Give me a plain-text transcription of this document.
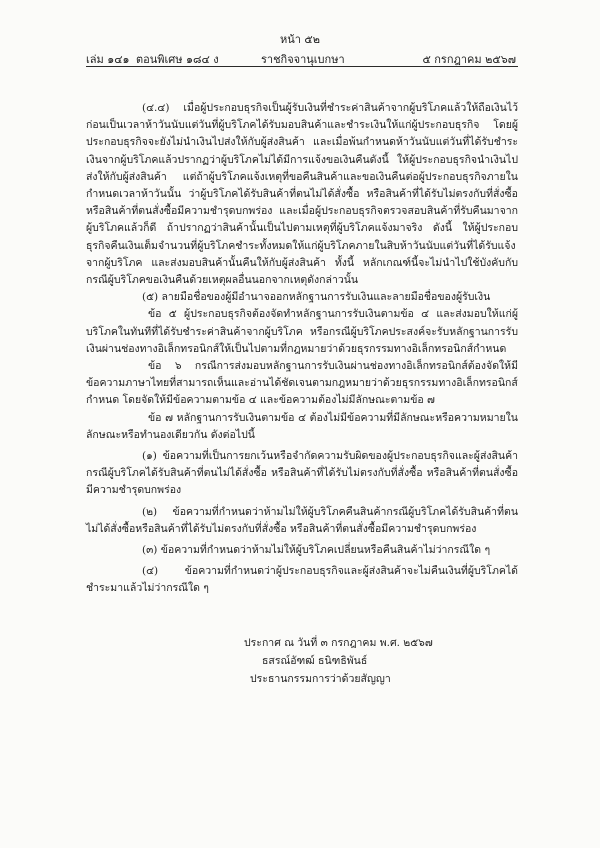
หน้า ๕๒
เล่ม ๑๔๑ ตอนพิเศษ ๑๘๔ ง	ราชกิจจานุเบกษา	๕ กรกฎาคม ๒๕๖๗

(๔.๔) เมื่อผู้ประกอบธุรกิจเป็นผู้รับเงินที่ชำระค่าสินค้าจากผู้บริโภคแล้วให้ถือเงินไว้ก่อนเป็นเวลาห้าวันนับแต่วันที่ผู้บริโภคได้รับมอบสินค้าและชำระเงินให้แก่ผู้ประกอบธุรกิจ โดยผู้ประกอบธุรกิจจะยังไม่นำเงินไปส่งให้กับผู้ส่งสินค้า และเมื่อพ้นกำหนดห้าวันนับแต่วันที่ได้รับชำระเงินจากผู้บริโภคแล้วปรากฏว่าผู้บริโภคไม่ได้มีการแจ้งขอเงินคืนดังนี้ ให้ผู้ประกอบธุรกิจนำเงินไปส่งให้กับผู้ส่งสินค้า แต่ถ้าผู้บริโภคแจ้งเหตุที่ขอคืนสินค้าและขอเงินคืนต่อผู้ประกอบธุรกิจภายในกำหนดเวลาห้าวันนั้น ว่าผู้บริโภคได้รับสินค้าที่ตนไม่ได้สั่งซื้อ หรือสินค้าที่ได้รับไม่ตรงกับที่สั่งซื้อ หรือสินค้าที่ตนสั่งซื้อมีความชำรุดบกพร่อง และเมื่อผู้ประกอบธุรกิจตรวจสอบสินค้าที่รับคืนมาจากผู้บริโภคแล้วก็ดี ถ้าปรากฏว่าสินค้านั้นเป็นไปตามเหตุที่ผู้บริโภคแจ้งมาจริง ดังนี้ ให้ผู้ประกอบธุรกิจคืนเงินเต็มจำนวนที่ผู้บริโภคชำระทั้งหมดให้แก่ผู้บริโภคภายในสิบห้าวันนับแต่วันที่ได้รับแจ้งจากผู้บริโภค และส่งมอบสินค้านั้นคืนให้กับผู้ส่งสินค้า ทั้งนี้ หลักเกณฑ์นี้จะไม่นำไปใช้บังคับกับกรณีผู้บริโภคขอเงินคืนด้วยเหตุผลอื่นนอกจากเหตุดังกล่าวนั้น

(๕) ลายมือชื่อของผู้มีอำนาจออกหลักฐานการรับเงินและลายมือชื่อของผู้รับเงิน

ข้อ ๕ ผู้ประกอบธุรกิจต้องจัดทำหลักฐานการรับเงินตามข้อ ๔ และส่งมอบให้แก่ผู้บริโภคในทันทีที่ได้รับชำระค่าสินค้าจากผู้บริโภค หรือกรณีผู้บริโภคประสงค์จะรับหลักฐานการรับเงินผ่านช่องทางอิเล็กทรอนิกส์ให้เป็นไปตามที่กฎหมายว่าด้วยธุรกรรมทางอิเล็กทรอนิกส์กำหนด

ข้อ ๖ กรณีการส่งมอบหลักฐานการรับเงินผ่านช่องทางอิเล็กทรอนิกส์ต้องจัดให้มีข้อความภาษาไทยที่สามารถเห็นและอ่านได้ชัดเจนตามกฎหมายว่าด้วยธุรกรรมทางอิเล็กทรอนิกส์กำหนด โดยจัดให้มีข้อความตามข้อ ๔ และข้อความต้องไม่มีลักษณะตามข้อ ๗

ข้อ ๗ หลักฐานการรับเงินตามข้อ ๔ ต้องไม่มีข้อความที่มีลักษณะหรือความหมายในลักษณะหรือทำนองเดียวกัน ดังต่อไปนี้

(๑) ข้อความที่เป็นการยกเว้นหรือจำกัดความรับผิดของผู้ประกอบธุรกิจและผู้ส่งสินค้ากรณีผู้บริโภคได้รับสินค้าที่ตนไม่ได้สั่งซื้อ หรือสินค้าที่ได้รับไม่ตรงกับที่สั่งซื้อ หรือสินค้าที่ตนสั่งซื้อมีความชำรุดบกพร่อง

(๒) ข้อความที่กำหนดว่าห้ามไม่ให้ผู้บริโภคคืนสินค้ากรณีผู้บริโภคได้รับสินค้าที่ตนไม่ได้สั่งซื้อหรือสินค้าที่ได้รับไม่ตรงกับที่สั่งซื้อ หรือสินค้าที่ตนสั่งซื้อมีความชำรุดบกพร่อง

(๓) ข้อความที่กำหนดว่าห้ามไม่ให้ผู้บริโภคเปลี่ยนหรือคืนสินค้าไม่ว่ากรณีใด ๆ

(๔) ข้อความที่กำหนดว่าผู้ประกอบธุรกิจและผู้ส่งสินค้าจะไม่คืนเงินที่ผู้บริโภคได้ชำระมาแล้วไม่ว่ากรณีใด ๆ

ประกาศ ณ วันที่ ๓ กรกฎาคม พ.ศ. ๒๕๖๗
ธสรณ์อัฑฒ์ ธนิฑธิพันธ์
ประธานกรรมการว่าด้วยสัญญา
